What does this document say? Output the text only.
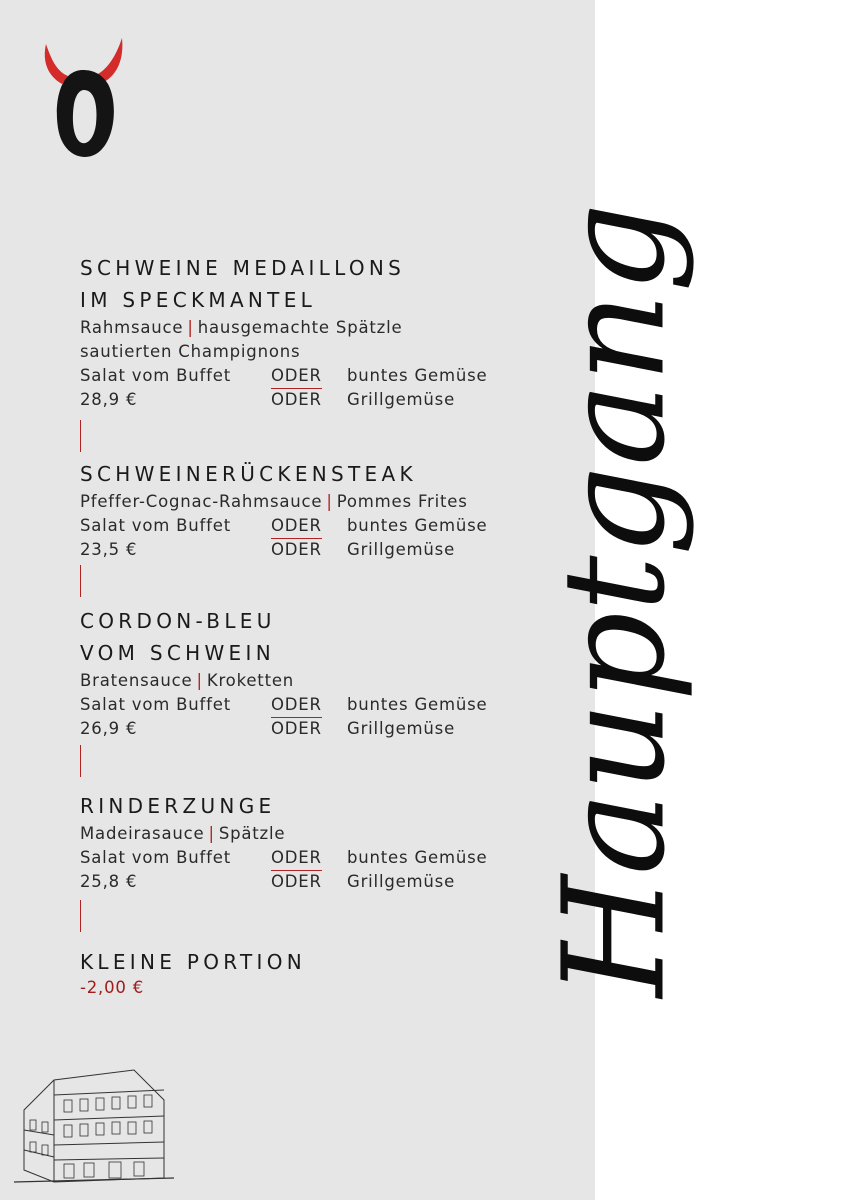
Hauptgang
SCHWEINE MEDAILLONS
IM SPECKMANTEL
Rahmsauce | hausgemachte Spätzle
sautierten Champignons
Salat vom Buffet ODER buntes Gemüse
28,9 €	ODER Grillgemüse
SCHWEINERÜCKENSTEAK
Pfeffer-Cognac-Rahmsauce | Pommes Frites
Salat vom Buffet ODER buntes Gemüse
23,5 €	ODER Grillgemüse
CORDON-BLEU
VOM SCHWEIN
Bratensauce | Kroketten
Salat vom Buffet ODER buntes Gemüse
26,9 €	ODER Grillgemüse
RINDERZUNGE
Madeirasauce | Spätzle
Salat vom Buffet ODER buntes Gemüse
25,8 €	ODER Grillgemüse
KLEINE PORTION
-2,00 €
